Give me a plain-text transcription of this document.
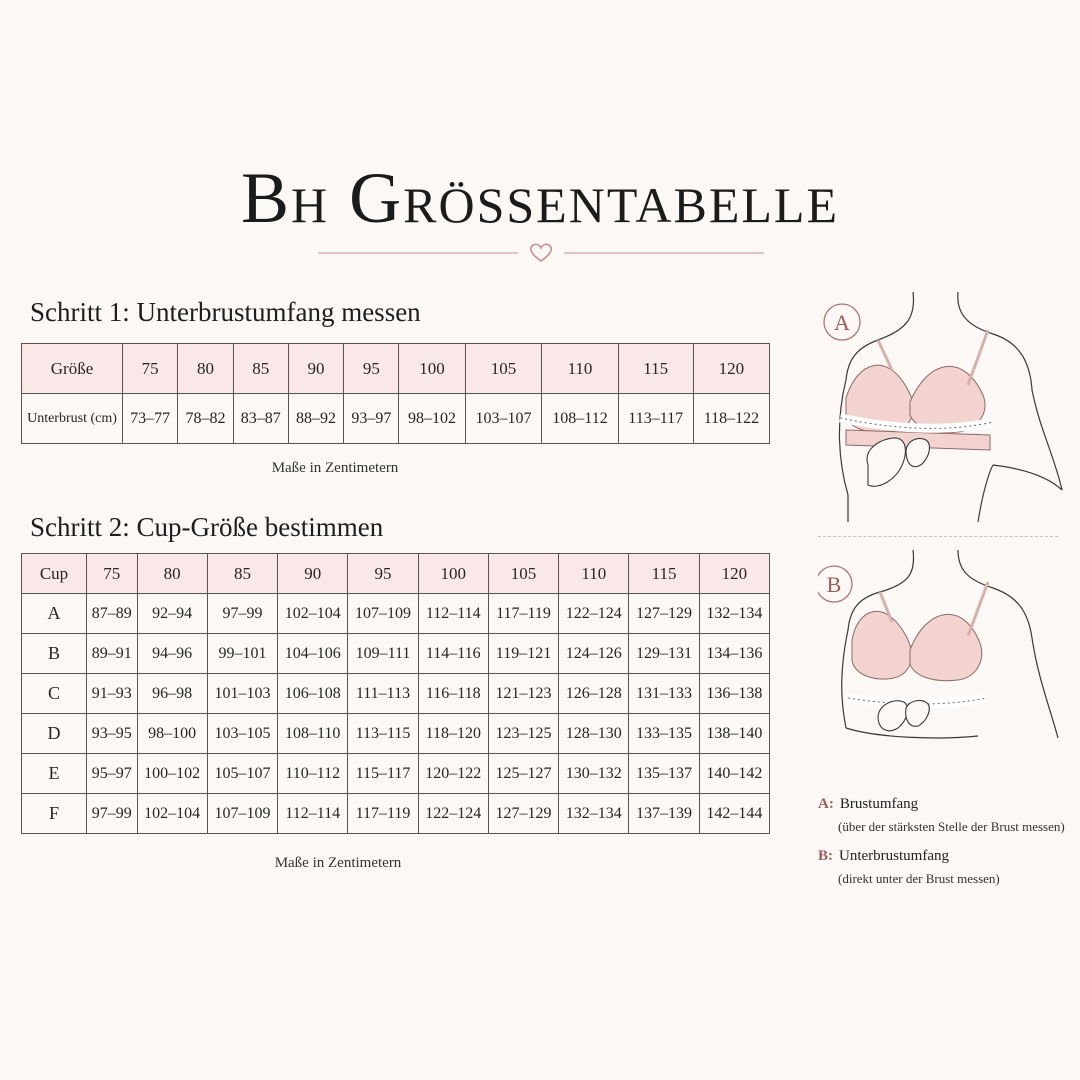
Bh Grössentabelle
Schritt 1: Unterbrustumfang messen
Größe	75	80	85	90	95	100	105	110	115	120
Unterbrust (cm)	73–77	78–82	83–87	88–92	93–97	98–102	103–107	108–112	113–117	118–122
Maße in Zentimetern
Schritt 2: Cup-Größe bestimmen
Cup	75	80	85	90	95	100	105	110	115	120
A	87–89	92–94	97–99	102–104	107–109	112–114	117–119	122–124	127–129	132–134
B	89–91	94–96	99–101	104–106	109–111	114–116	119–121	124–126	129–131	134–136
C	91–93	96–98	101–103	106–108	111–113	116–118	121–123	126–128	131–133	136–138
D	93–95	98–100	103–105	108–110	113–115	118–120	123–125	128–130	133–135	138–140
E	95–97	100–102	105–107	110–112	115–117	120–122	125–127	130–132	135–137	140–142
F	97–99	102–104	107–109	112–114	117–119	122–124	127–129	132–134	137–139	142–144
Maße in Zentimetern
A
B
A: Brustumfang
(über der stärksten Stelle der Brust messen)
B: Unterbrustumfang
(direkt unter der Brust messen)
